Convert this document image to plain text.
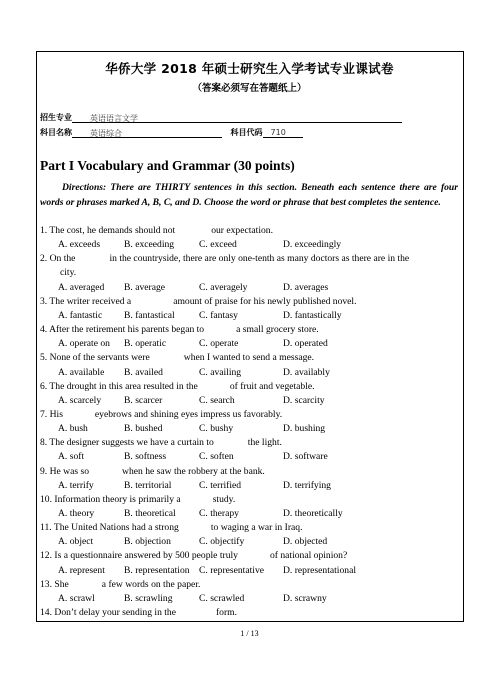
华侨大学 2018 年硕士研究生入学考试专业课试卷
（答案必须写在答题纸上）
招生专业 英语语言文学
科目名称 英语综合	科目代码 710
Part I Vocabulary and Grammar (30 points)
Directions: There are THIRTY sentences in this section. Beneath each sentence there are four words or phrases marked A, B, C, and D. Choose the word or phrase that best completes the sentence.
1. The cost, he demands should not	our expectation.
A. exceeds B. exceeding	C. exceed	D. exceedingly
2. On the	in the countryside, there are only one-tenth as many doctors as there are in the
city.
A. averaged B. average	C. averagely	D. averages
3. The writer received a	amount of praise for his newly published novel.
A. fantastic B. fantastical	C. fantasy	D. fantastically
4. After the retirement his parents began to	a small grocery store.
A. operate on B. operatic	C. operate	D. operated
5. None of the servants were	when I wanted to send a message.
A. available B. availed	C. availing	D. availably
6. The drought in this area resulted in the	of fruit and vegetable.
A. scarcely B. scarcer	C. search	D. scarcity
7. His	eyebrows and shining eyes impress us favorably.
A. bush	B. bushed	C. bushy	D. bushing
8. The designer suggests we have a curtain to	the light.
A. soft	B. softness	C. soften	D. software
9. He was so	when he saw the robbery at the bank.
A. terrify	B. territorial	C. terrified	D. terrifying
10. Information theory is primarily a	study.
A. theory	B. theoretical C. therapy	D. theoretically
11. The United Nations had a strong	to waging a war in Iraq.
A. object	B. objection	C. objectify	D. objected
12. Is a questionnaire answered by 500 people truly	of national opinion?
A. represent B. representation C. representative D. representational
13. She	a few words on the paper.
A. scrawl	B. scrawling	C. scrawled	D. scrawny
14. Don’t delay your sending in the	form.
1 / 13
